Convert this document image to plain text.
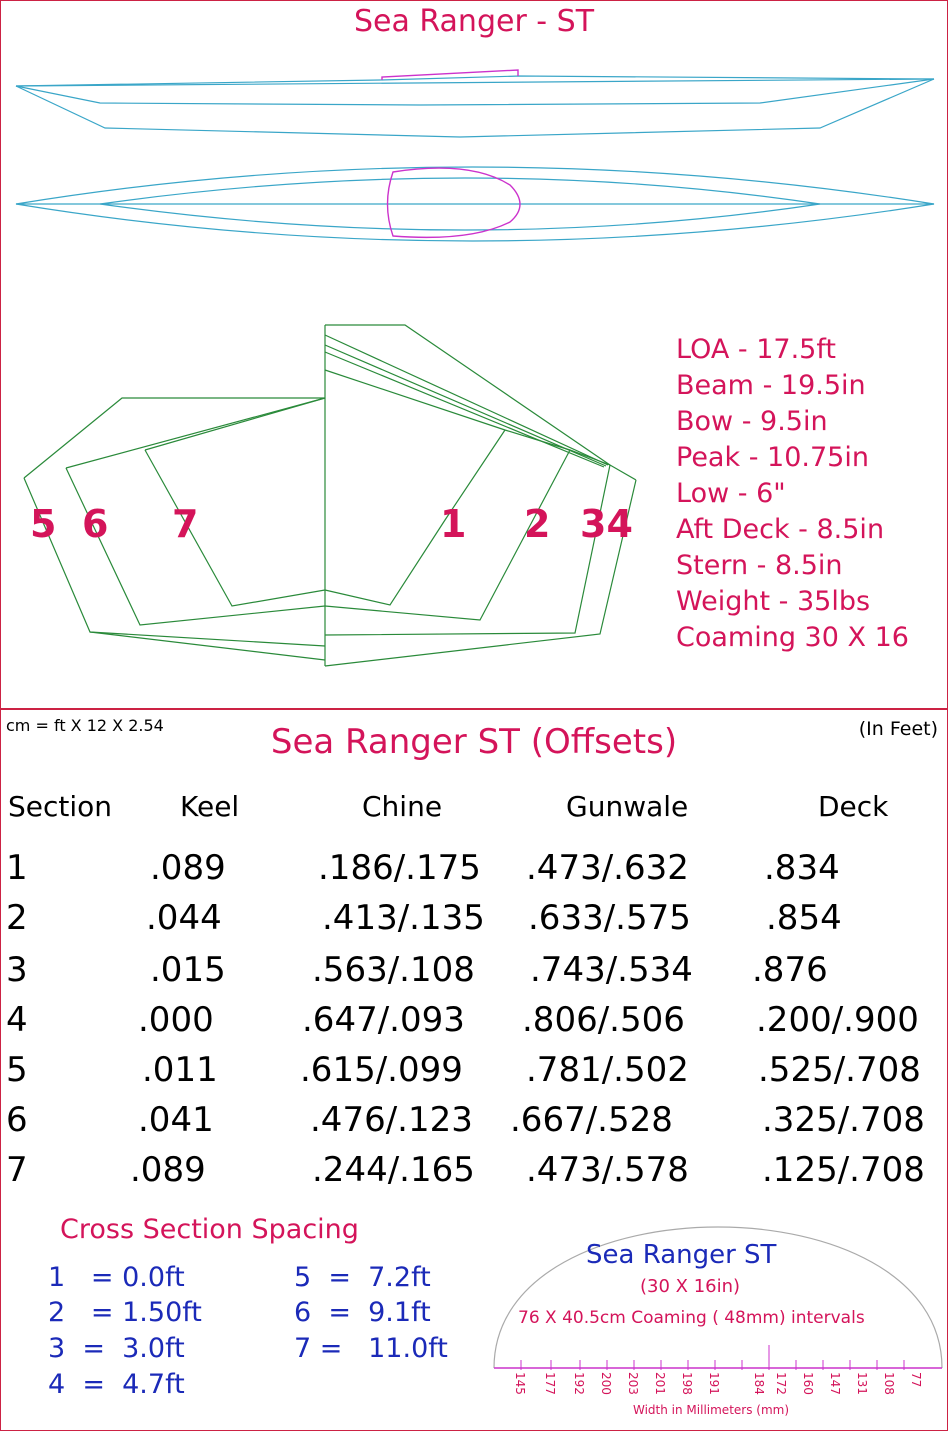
Sea Ranger - ST
5 6 7	1 2 34
LOA - 17.5ft
Beam - 19.5in
Bow - 9.5in
Peak - 10.75in
Low - 6"
Aft Deck - 8.5in
Stern - 8.5in
Weight - 35lbs
Coaming 30 X 16
cm = ft X 12 X 2.54	Sea Ranger ST (Offsets)	(In Feet)
Section Keel	Chine	Gunwale	Deck
1	.089	.186/.175 .473/.632 .834
2	.044	.413/.135 .633/.575 .854
3	.015	.563/.108 .743/.534 .876
4	.000	.647/.093 .806/.506 .200/.900
5	.011 .615/.099 .781/.502 .525/.708
6	.041	.476/.123 .667/.528	.325/.708
7	.089	.244/.165 .473/.578 .125/.708
Cross Section Spacing
1   = 0.0ft
2   = 1.50ft
3  =  3.0ft
4  =  4.7ft
5  =  7.2ft
6  =  9.1ft
7 =   11.0ft
Sea Ranger ST
(30 X 16in)
76 X 40.5cm Coaming ( 48mm) intervals
145 177 192 200 203 201 198 191	184 172 160 147 131 108 77
Width in Millimeters (mm)
